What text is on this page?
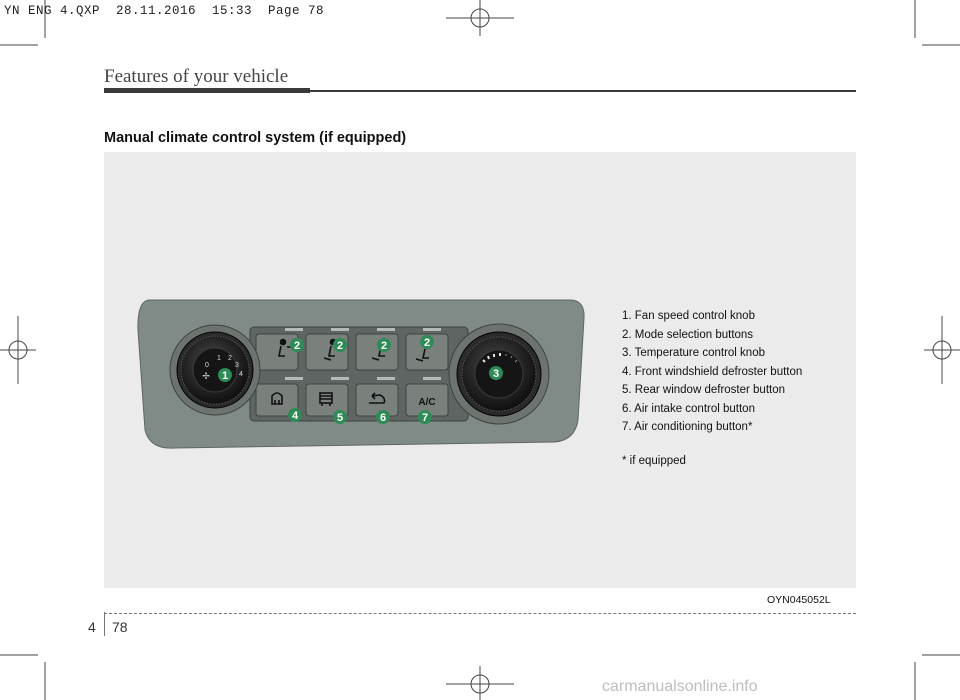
YN ENG 4.QXP  28.11.2016  15:33  Page 78
Features of your vehicle
Manual climate control system (if equipped)
A/C
0
1 2
3
4
✢ 1
2	2	2	2
3
4	5	6	7
1. Fan speed control knob
2. Mode selection buttons
3. Temperature control knob
4. Front windshield defroster button
5. Rear window defroster button
6. Air intake control button
7. Air conditioning button*
* if equipped
OYN045052L
4 78
carmanualsonline.info
